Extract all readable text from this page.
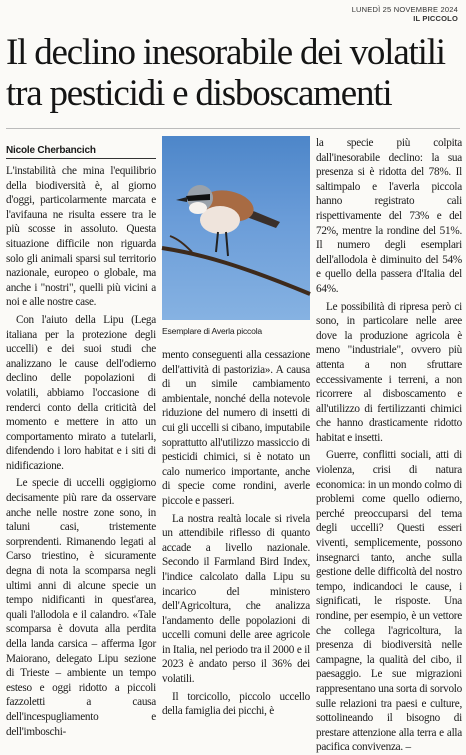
LUNEDÌ 25 NOVEMBRE 2024
IL PICCOLO
Il declino inesorabile dei volatili tra pesticidi e disboscamenti
Nicole Cherbancich

L'instabilità che mina l'equilibrio della biodiversità è, al giorno d'oggi, particolarmente marcata e l'avifauna ne risulta essere tra le più scosse in assoluto. Questa situazione difficile non riguarda solo gli animali sparsi sul territorio nazionale, europeo o globale, ma anche i "nostri", quelli più vicini a noi e alle nostre case.

Con l'aiuto della Lipu (Lega italiana per la protezione degli uccelli) e dei suoi studi che analizzano le cause dell'odierno declino delle popolazioni di volatili, abbiamo l'occasione di renderci conto della criticità del momento e mettere in atto un comportamento mirato a tutelarli, difendendo i loro habitat e i siti di nidificazione.

Le specie di uccelli oggigiorno decisamente più rare da osservare anche nelle nostre zone sono, in taluni casi, tristemente sorprendenti. Rimanendo legati al Carso triestino, è sicuramente degna di nota la scomparsa negli ultimi anni di alcune specie un tempo nidificanti in quest'area, quali l'allodola e il calandro. «Tale scomparsa è dovuta alla perdita della landa carsica – afferma Igor Maiorano, delegato Lipu sezione di Trieste – ambiente un tempo esteso e oggi ridotto a piccoli fazzoletti a causa dell'incespugliamento e dell'imboschi-

Esemplare di Averla piccola

mento conseguenti alla cessazione dell'attività di pastorizia». A causa di un simile cambiamento ambientale, nonché della notevole riduzione del numero di insetti di cui gli uccelli si cibano, imputabile soprattutto all'utilizzo massiccio di pesticidi chimici, si è notato un calo numerico importante, anche di specie come rondini, averle piccole e passeri.

La nostra realtà locale si rivela un attendibile riflesso di quanto accade a livello nazionale. Secondo il Farmland Bird Index, l'indice calcolato dalla Lipu su incarico del ministero dell'Agricoltura, che analizza l'andamento delle popolazioni di uccelli comuni delle aree agricole in Italia, nel periodo tra il 2000 e il 2023 è andato perso il 36% dei volatili.

Il torcicollo, piccolo uccello della famiglia dei picchi, è

la specie più colpita dall'inesorabile declino: la sua presenza si è ridotta del 78%. Il saltimpalo e l'averla piccola hanno registrato cali rispettivamente del 73% e del 72%, mentre la rondine del 51%. Il numero degli esemplari dell'allodola è diminuito del 54% e quello della passera d'Italia del 64%.

Le possibilità di ripresa però ci sono, in particolare nelle aree dove la produzione agricola è meno "industriale", ovvero più attenta a non sfruttare eccessivamente i terreni, a non ricorrere al disboscamento e all'utilizzo di fertilizzanti chimici che hanno drasticamente ridotto habitat e insetti.

Guerre, conflitti sociali, atti di violenza, crisi di natura economica: in un mondo colmo di problemi come quello odierno, perché preoccuparsi del tema degli uccelli? Questi esseri viventi, semplicemente, possono insegnarci tanto, anche sulla gestione delle difficoltà del nostro tempo, indicandoci le cause, i significati, le risposte. Una rondine, per esempio, è un vettore che collega l'agricoltura, la presenza di biodiversità nelle campagne, la qualità del cibo, il paesaggio. Le sue migrazioni rappresentano una sorta di sorvolo sulle relazioni tra paesi e culture, sottolineando il bisogno di prestare attenzione alla terra e alla pacifica convivenza. –
